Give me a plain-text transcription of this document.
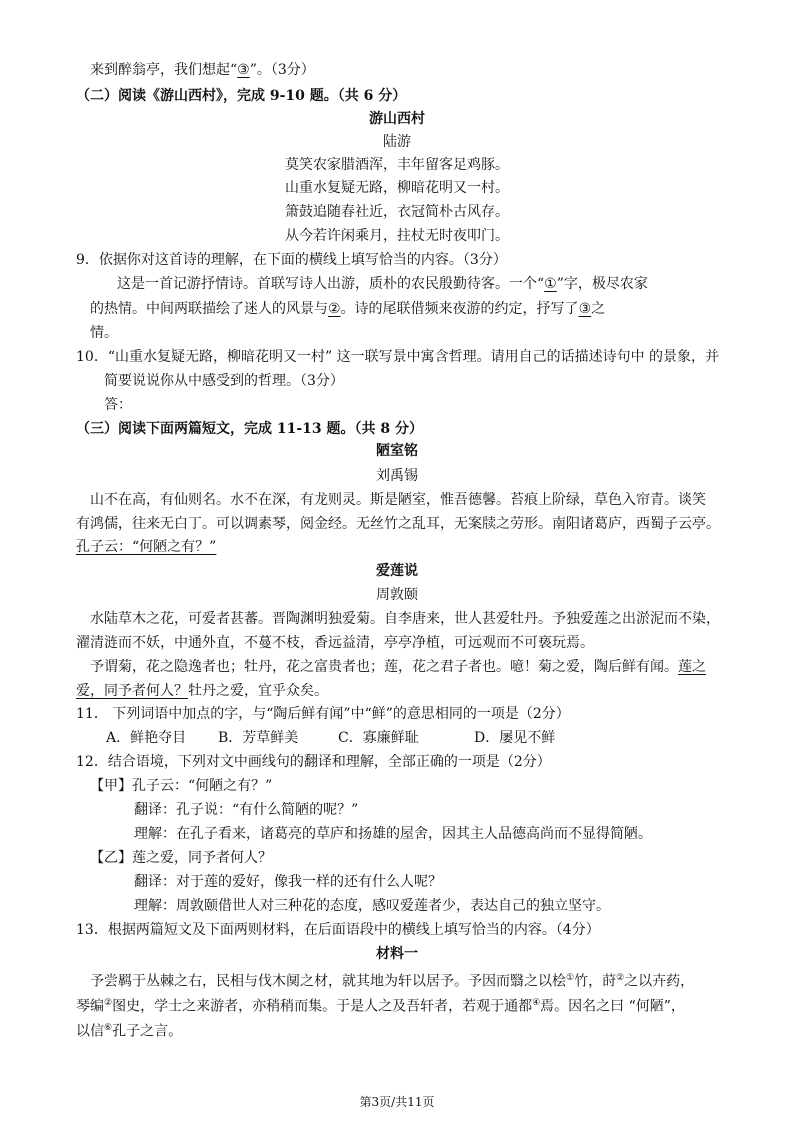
来到醉翁亭，我们想起“③”。（3分）
（二）阅读《游山西村》，完成 9-10 题。（共 6 分）
游山西村
陆游
莫笑农家腊酒浑，丰年留客足鸡豚。
山重水复疑无路，柳暗花明又一村。
箫鼓追随春社近，衣冠简朴古风存。
从今若许闲乘月，拄杖无时夜叩门。
9．依据你对这首诗的理解，在下面的横线上填写恰当的内容。（3分）
这是一首记游抒情诗。首联写诗人出游，质朴的农民殷勤待客。一个“①”字，极尽农家
的热情。中间两联描绘了迷人的风景与②。诗的尾联借频来夜游的约定，抒写了③之
情。
10．“山重水复疑无路，柳暗花明又一村” 这一联写景中寓含哲理。请用自己的话描述诗句中 的景象，并
简要说说你从中感受到的哲理。（3分）
答：
（三）阅读下面两篇短文，完成 11-13 题。（共 8 分）
陋室铭
刘禹锡
山不在高，有仙则名。水不在深，有龙则灵。斯是陋室，惟吾德馨。苔痕上阶绿，草色入帘青。谈笑
有鸿儒，往来无白丁。可以调素琴，阅金经。无丝竹之乱耳，无案牍之劳形。南阳诸葛庐，西蜀子云亭。
孔子云：“何陋之有？”
爱莲说
周敦颐
水陆草木之花，可爱者甚蕃。晋陶渊明独爱菊。自李唐来，世人甚爱牡丹。予独爱莲之出淤泥而不染，
濯清涟而不妖，中通外直，不蔓不枝，香远益清，亭亭净植，可远观而不可亵玩焉。
予谓菊，花之隐逸者也；牡丹，花之富贵者也；莲，花之君子者也。噫！菊之爱，陶后鲜有闻。莲之
爱，同予者何人？牡丹之爱，宜乎众矣。
11． 下列词语中加点的字，与“陶后鲜有闻”中“鲜”的意思相同的一项是（2分）
A．鲜艳夺目 B．芳草鲜美	C．寡廉鲜耻	D．屡见不鲜
12．结合语境，下列对文中画线句的翻译和理解，全部正确的一项是（2分）
【甲】孔子云：“何陋之有？”
翻译：孔子说：“有什么简陋的呢？”
理解：在孔子看来，诸葛亮的草庐和扬雄的屋舍，因其主人品德高尚而不显得简陋。
【乙】莲之爱，同予者何人？
翻译：对于莲的爱好，像我一样的还有什么人呢？
理解：周敦颐借世人对三种花的态度，感叹爱莲者少，表达自己的独立坚守。
13．根据两篇短文及下面两则材料，在后面语段中的横线上填写恰当的内容。（4分）
材料一
予尝羁于丛棘之右，民相与伐木阒之材，就其地为轩以居予。予因而翳之以桧①竹，莳②之以卉药，
琴编②图史，学士之来游者，亦稍稍而集。于是人之及吾轩者，若观于通都④焉。因名之曰 “何陋”，
以信⑥孔子之言。
第3页/共11页
